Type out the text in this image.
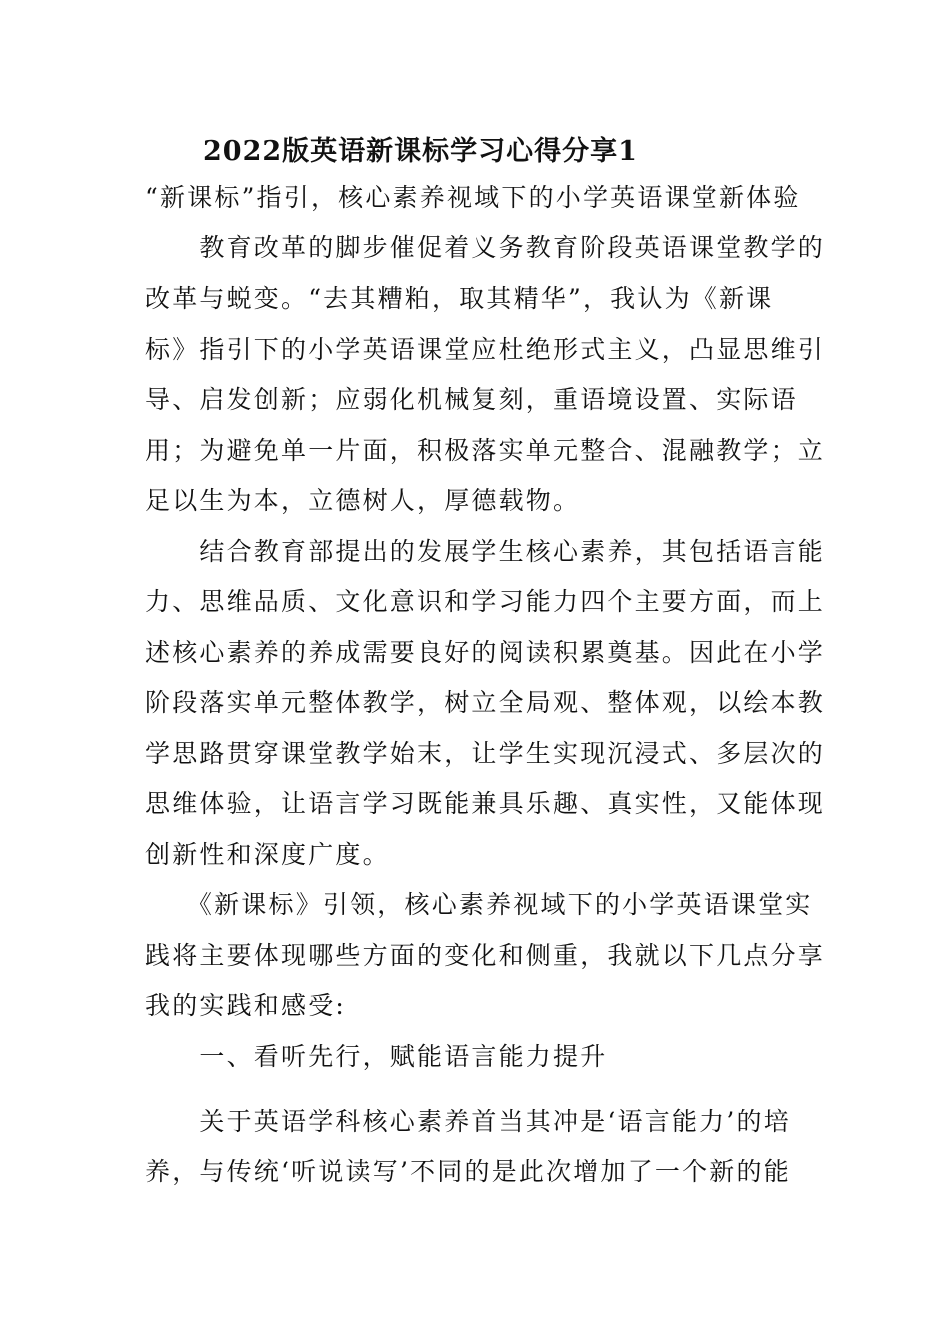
2022版英语新课标学习心得分享1
“新课标”指引，核心素养视域下的小学英语课堂新体验
　　教育改革的脚步催促着义务教育阶段英语课堂教学的
改革与蜕变。“去其糟粕，取其精华”，我认为《新课
标》指引下的小学英语课堂应杜绝形式主义，凸显思维引
导、启发创新；应弱化机械复刻，重语境设置、实际语
用；为避免单一片面，积极落实单元整合、混融教学；立
足以生为本，立德树人，厚德载物。
　　结合教育部提出的发展学生核心素养，其包括语言能
力、思维品质、文化意识和学习能力四个主要方面，而上
述核心素养的养成需要良好的阅读积累奠基。因此在小学
阶段落实单元整体教学，树立全局观、整体观，以绘本教
学思路贯穿课堂教学始末，让学生实现沉浸式、多层次的
思维体验，让语言学习既能兼具乐趣、真实性，又能体现
创新性和深度广度。
　　《新课标》引领，核心素养视域下的小学英语课堂实
践将主要体现哪些方面的变化和侧重，我就以下几点分享
我的实践和感受:
　　一、看听先行，赋能语言能力提升
　　关于英语学科核心素养首当其冲是‘语言能力’的培
养，与传统‘听说读写’不同的是此次增加了一个新的能
